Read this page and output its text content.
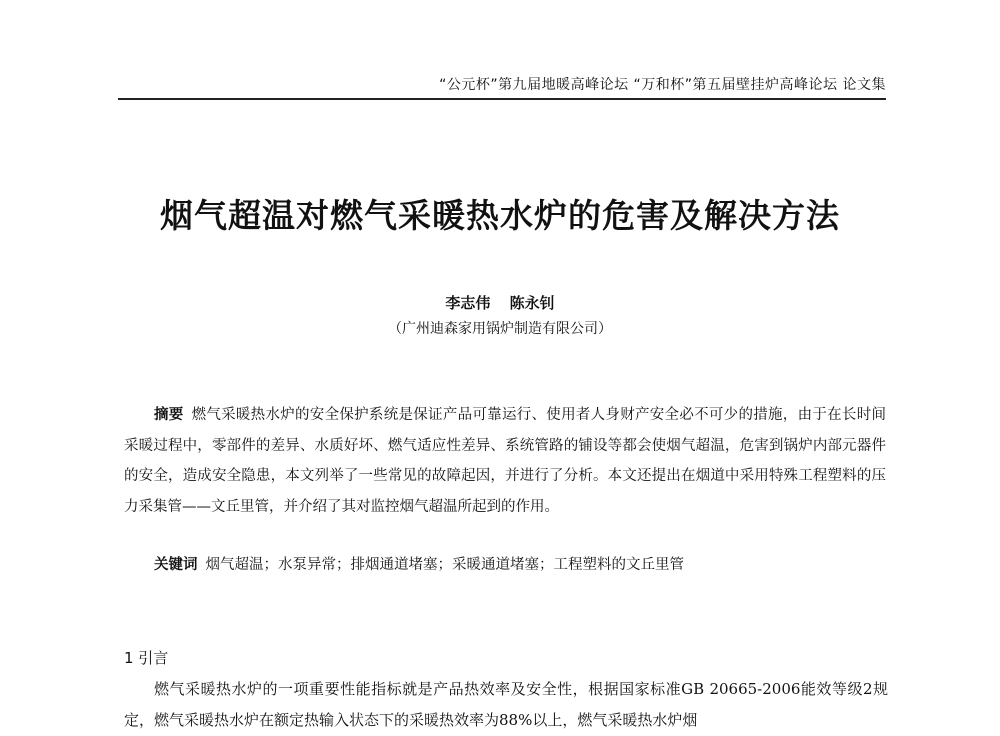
“公元杯”第九届地暖高峰论坛 “万和杯”第五届壁挂炉高峰论坛 论文集
烟气超温对燃气采暖热水炉的危害及解决方法
李志伟 陈永钊
（广州迪森家用锅炉制造有限公司）
摘要 燃气采暖热水炉的安全保护系统是保证产品可靠运行、使用者人身财产安全必不可少的措施，由于在长时间采暖过程中，零部件的差异、水质好坏、燃气适应性差异、系统管路的铺设等都会使烟气超温，危害到锅炉内部元器件的安全，造成安全隐患，本文列举了一些常见的故障起因，并进行了分析。本文还提出在烟道中采用特殊工程塑料的压力采集管——文丘里管，并介绍了其对监控烟气超温所起到的作用。
关键词 烟气超温；水泵异常；排烟通道堵塞；采暖通道堵塞；工程塑料的文丘里管
1 引言
燃气采暖热水炉的一项重要性能指标就是产品热效率及安全性，根据国家标准GB 20665-2006能效等级2规定，燃气采暖热水炉在额定热输入状态下的采暖热效率为88%以上，燃气采暖热水炉烟
